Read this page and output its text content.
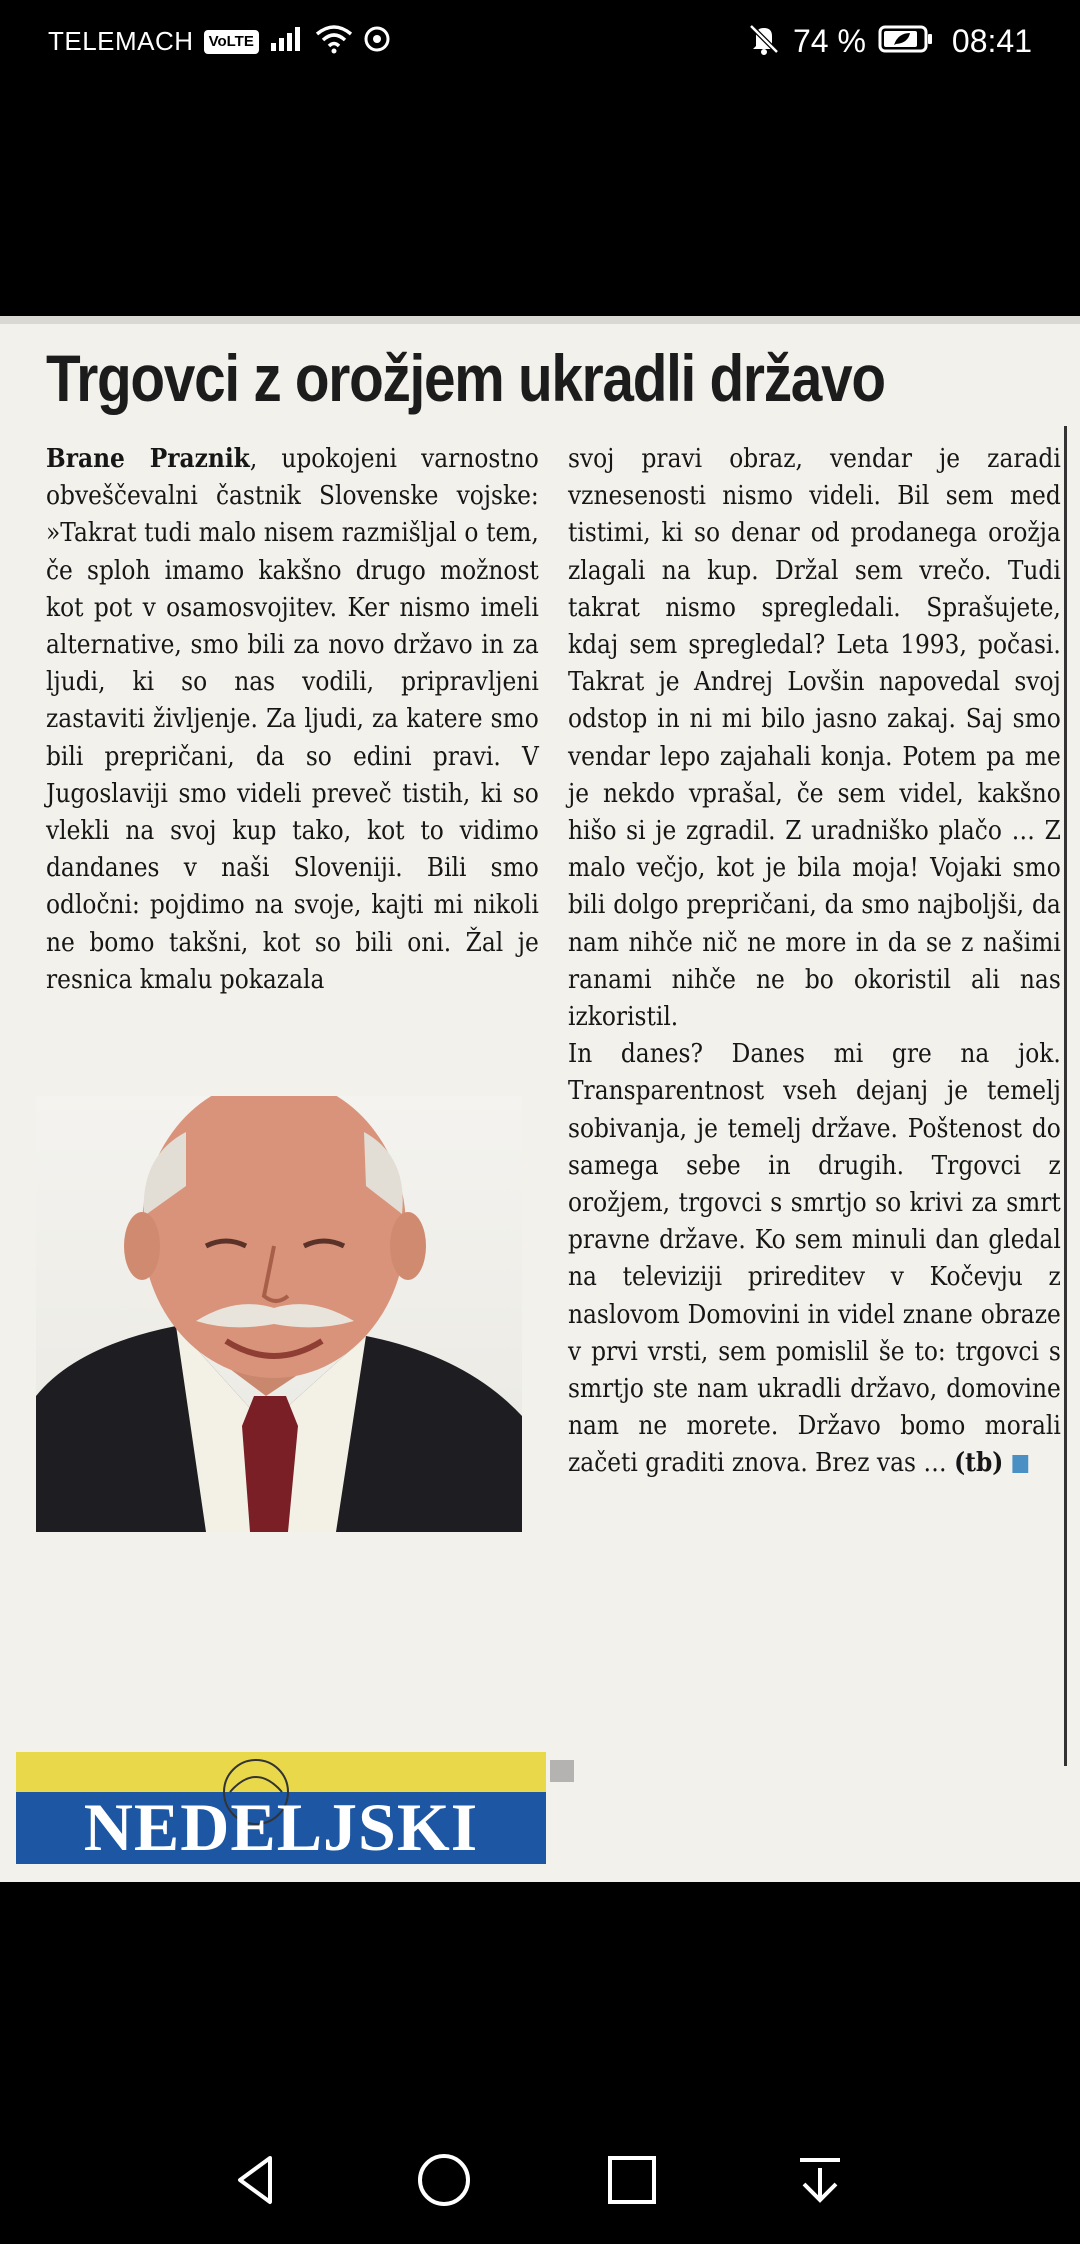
TELEMACH	VoLTE	74 %	08:41
Trgovci z orožjem ukradli državo

Brane Praznik, upokojeni varnostno obveščevalni častnik Slovenske vojske: »Takrat tudi malo nisem razmišljal o tem, če sploh imamo kakšno drugo možnost kot pot v osamosvojitev. Ker nismo imeli alternative, smo bili za novo državo in za ljudi, ki so nas vodili, pripravljeni zastaviti življenje. Za ljudi, za katere smo bili prepričani, da so edini pravi. V Jugoslaviji smo videli preveč tistih, ki so vlekli na svoj kup tako, kot to vidimo dandanes v naši Sloveniji. Bili smo odločni: pojdimo na svoje, kajti mi nikoli ne bomo takšni, kot so bili oni. Žal je resnica kmalu pokazala

svoj pravi obraz, vendar je zaradi vznesenosti nismo videli. Bil sem med tistimi, ki so denar od prodanega orožja zlagali na kup. Držal sem vrečo. Tudi takrat nismo spregledali. Sprašujete, kdaj sem spregledal? Leta 1993, počasi. Takrat je Andrej Lovšin napovedal svoj odstop in ni mi bilo jasno zakaj. Saj smo vendar lepo zajahali konja. Potem pa me je nekdo vprašal, če sem videl, kakšno hišo si je zgradil. Z uradniško plačo … Z malo večjo, kot je bila moja! Vojaki smo bili dolgo prepričani, da smo najboljši, da nam nihče nič ne more in da se z našimi ranami nihče ne bo okoristil ali nas izkoristil.

In danes? Danes mi gre na jok. Transparentnost vseh dejanj je temelj sobivanja, je temelj države. Poštenost do samega sebe in drugih. Trgovci z orožjem, trgovci s smrtjo so krivi za smrt pravne države. Ko sem minuli dan gledal na televiziji prireditev v Kočevju z naslovom Domovini in videl znane obraze v prvi vrsti, sem pomislil še to: trgovci s smrtjo ste nam ukradli državo, domovine nam ne morete. Državo bomo morali začeti graditi znova. Brez vas … (tb)

NEDELJSKI
